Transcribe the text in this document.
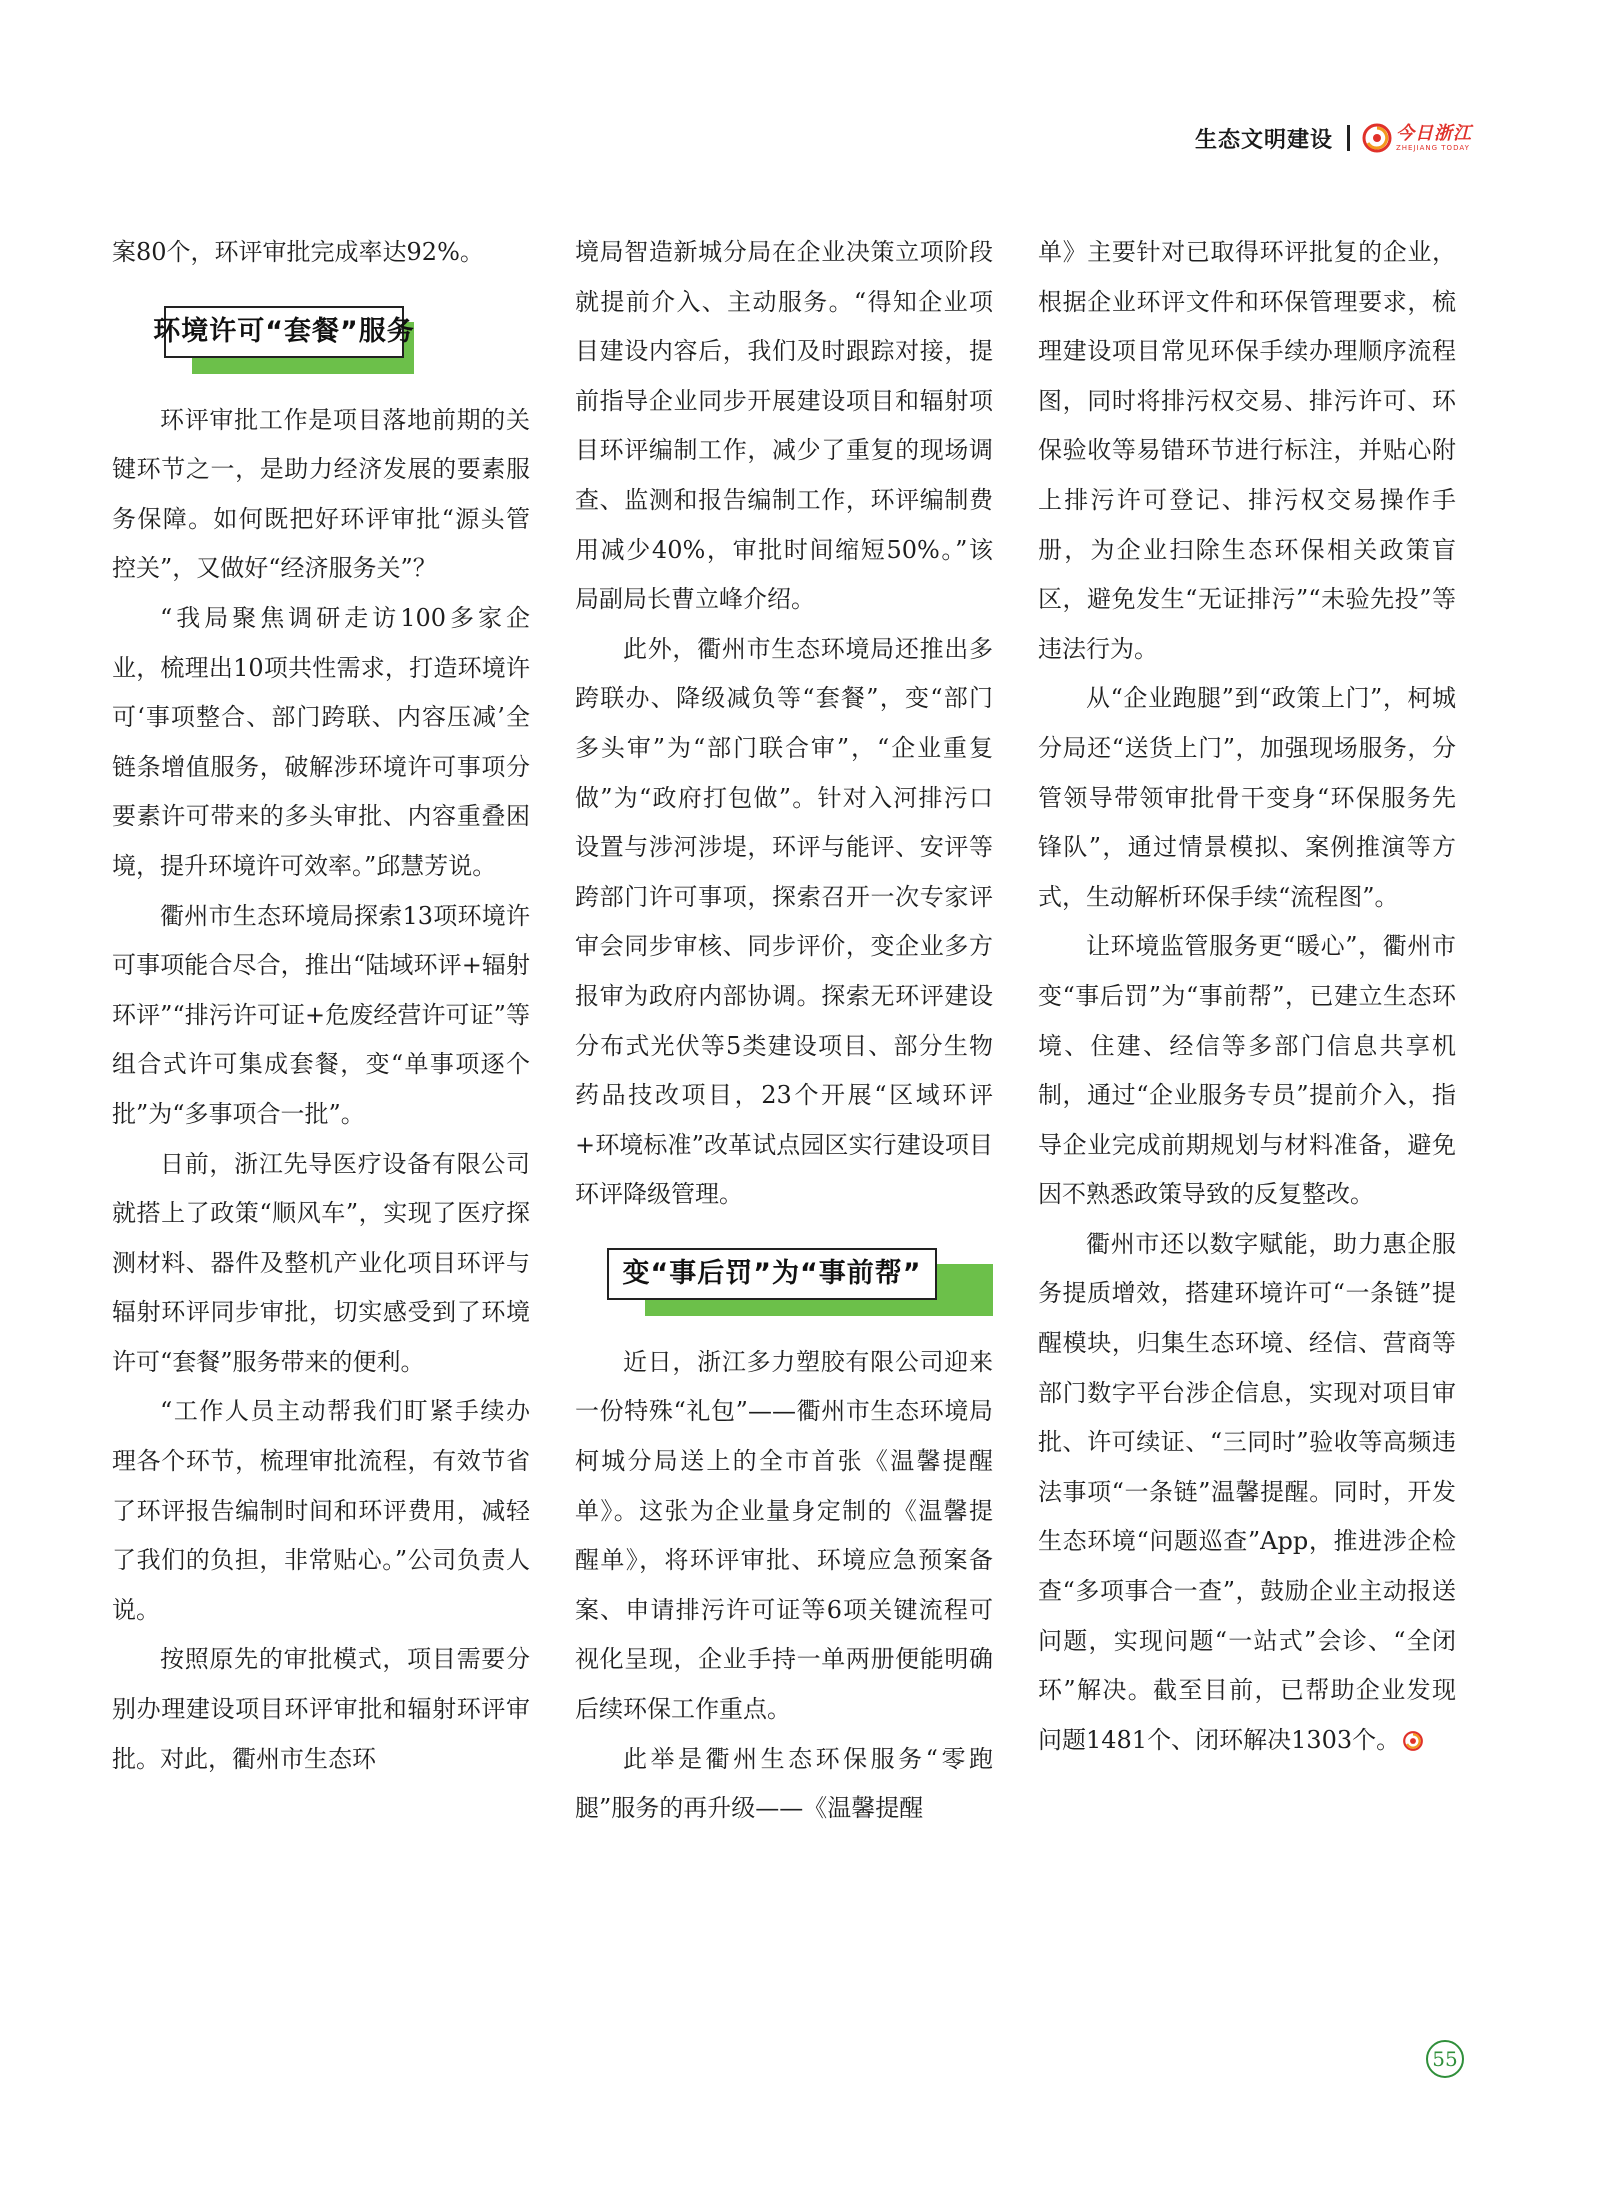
生态文明建设	今日浙江
ZHEJIANG TODAY

案80个，环评审批完成率达92%。

环境许可“套餐”服务

环评审批工作是项目落地前期的关键环节之一，是助力经济发展的要素服务保障。如何既把好环评审批“源头管控关”，又做好“经济服务关”？

“我局聚焦调研走访100多家企业，梳理出10项共性需求，打造环境许可‘事项整合、部门跨联、内容压减’全链条增值服务，破解涉环境许可事项分要素许可带来的多头审批、内容重叠困境，提升环境许可效率。”邱慧芳说。

衢州市生态环境局探索13项环境许可事项能合尽合，推出“陆域环评+辐射环评”“排污许可证+危废经营许可证”等组合式许可集成套餐，变“单事项逐个批”为“多事项合一批”。

日前，浙江先导医疗设备有限公司就搭上了政策“顺风车”，实现了医疗探测材料、器件及整机产业化项目环评与辐射环评同步审批，切实感受到了环境许可“套餐”服务带来的便利。

“工作人员主动帮我们盯紧手续办理各个环节，梳理审批流程，有效节省了环评报告编制时间和环评费用，减轻了我们的负担，非常贴心。”公司负责人说。

按照原先的审批模式，项目需要分别办理建设项目环评审批和辐射环评审批。对此，衢州市生态环

境局智造新城分局在企业决策立项阶段就提前介入、主动服务。“得知企业项目建设内容后，我们及时跟踪对接，提前指导企业同步开展建设项目和辐射项目环评编制工作，减少了重复的现场调查、监测和报告编制工作，环评编制费用减少40%，审批时间缩短50%。”该局副局长曹立峰介绍。

此外，衢州市生态环境局还推出多跨联办、降级减负等“套餐”，变“部门多头审”为“部门联合审”，“企业重复做”为“政府打包做”。针对入河排污口设置与涉河涉堤，环评与能评、安评等跨部门许可事项，探索召开一次专家评审会同步审核、同步评价，变企业多方报审为政府内部协调。探索无环评建设分布式光伏等5类建设项目、部分生物药品技改项目，23个开展“区域环评+环境标准”改革试点园区实行建设项目环评降级管理。

变“事后罚”为“事前帮”

近日，浙江多力塑胶有限公司迎来一份特殊“礼包”——衢州市生态环境局柯城分局送上的全市首张《温馨提醒单》。这张为企业量身定制的《温馨提醒单》，将环评审批、环境应急预案备案、申请排污许可证等6项关键流程可视化呈现，企业手持一单两册便能明确后续环保工作重点。

此举是衢州生态环保服务“零跑腿”服务的再升级——《温馨提醒

单》主要针对已取得环评批复的企业，根据企业环评文件和环保管理要求，梳理建设项目常见环保手续办理顺序流程图，同时将排污权交易、排污许可、环保验收等易错环节进行标注，并贴心附上排污许可登记、排污权交易操作手册，为企业扫除生态环保相关政策盲区，避免发生“无证排污”“未验先投”等违法行为。

从“企业跑腿”到“政策上门”，柯城分局还“送货上门”，加强现场服务，分管领导带领审批骨干变身“环保服务先锋队”，通过情景模拟、案例推演等方式，生动解析环保手续“流程图”。

让环境监管服务更“暖心”，衢州市变“事后罚”为“事前帮”，已建立生态环境、住建、经信等多部门信息共享机制，通过“企业服务专员”提前介入，指导企业完成前期规划与材料准备，避免因不熟悉政策导致的反复整改。

衢州市还以数字赋能，助力惠企服务提质增效，搭建环境许可“一条链”提醒模块，归集生态环境、经信、营商等部门数字平台涉企信息，实现对项目审批、许可续证、“三同时”验收等高频违法事项“一条链”温馨提醒。同时，开发生态环境“问题巡查”App，推进涉企检查“多项事合一查”，鼓励企业主动报送问题，实现问题“一站式”会诊、“全闭环”解决。截至目前，已帮助企业发现问题1481个、闭环解决1303个。

55
